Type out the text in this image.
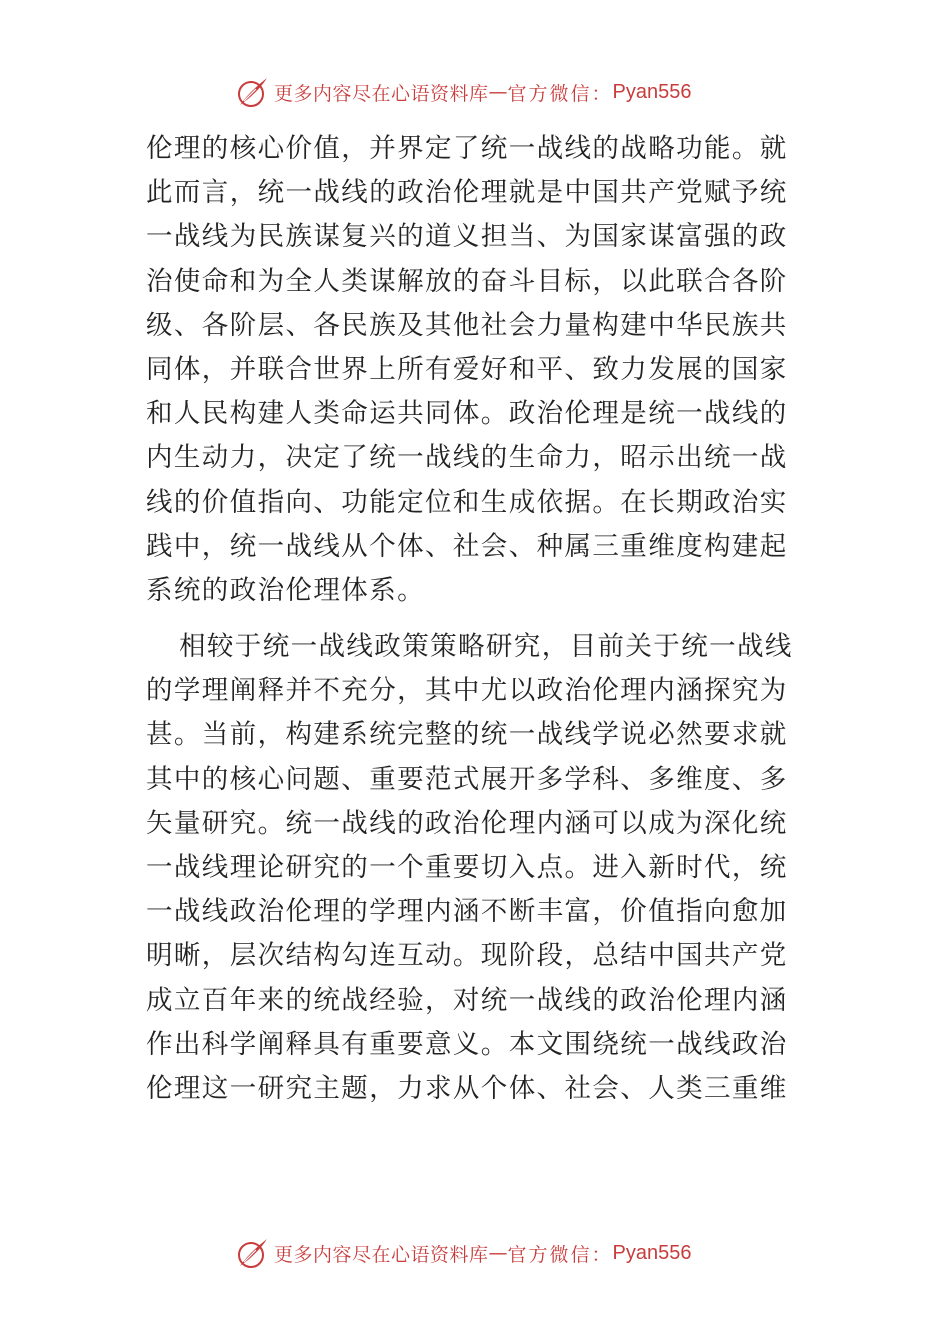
更多内容尽在心语资料库 — 官方微信： Pyan556
伦理的核心价值，并界定了统一战线的战略功能。就
此而言，统一战线的政治伦理就是中国共产党赋予统
一战线为民族谋复兴的道义担当、为国家谋富强的政
治使命和为全人类谋解放的奋斗目标，以此联合各阶
级、各阶层、各民族及其他社会力量构建中华民族共
同体，并联合世界上所有爱好和平、致力发展的国家
和人民构建人类命运共同体。政治伦理是统一战线的
内生动力，决定了统一战线的生命力，昭示出统一战
线的价值指向、功能定位和生成依据。在长期政治实
践中，统一战线从个体、社会、种属三重维度构建起
系统的政治伦理体系。
相较于统一战线政策策略研究，目前关于统一战线
的学理阐释并不充分，其中尤以政治伦理内涵探究为
甚。当前，构建系统完整的统一战线学说必然要求就
其中的核心问题、重要范式展开多学科、多维度、多
矢量研究。统一战线的政治伦理内涵可以成为深化统
一战线理论研究的一个重要切入点。进入新时代，统
一战线政治伦理的学理内涵不断丰富，价值指向愈加
明晰，层次结构勾连互动。现阶段，总结中国共产党
成立百年来的统战经验，对统一战线的政治伦理内涵
作出科学阐释具有重要意义。本文围绕统一战线政治
伦理这一研究主题，力求从个体、社会、人类三重维
更多内容尽在心语资料库 — 官方微信： Pyan556
